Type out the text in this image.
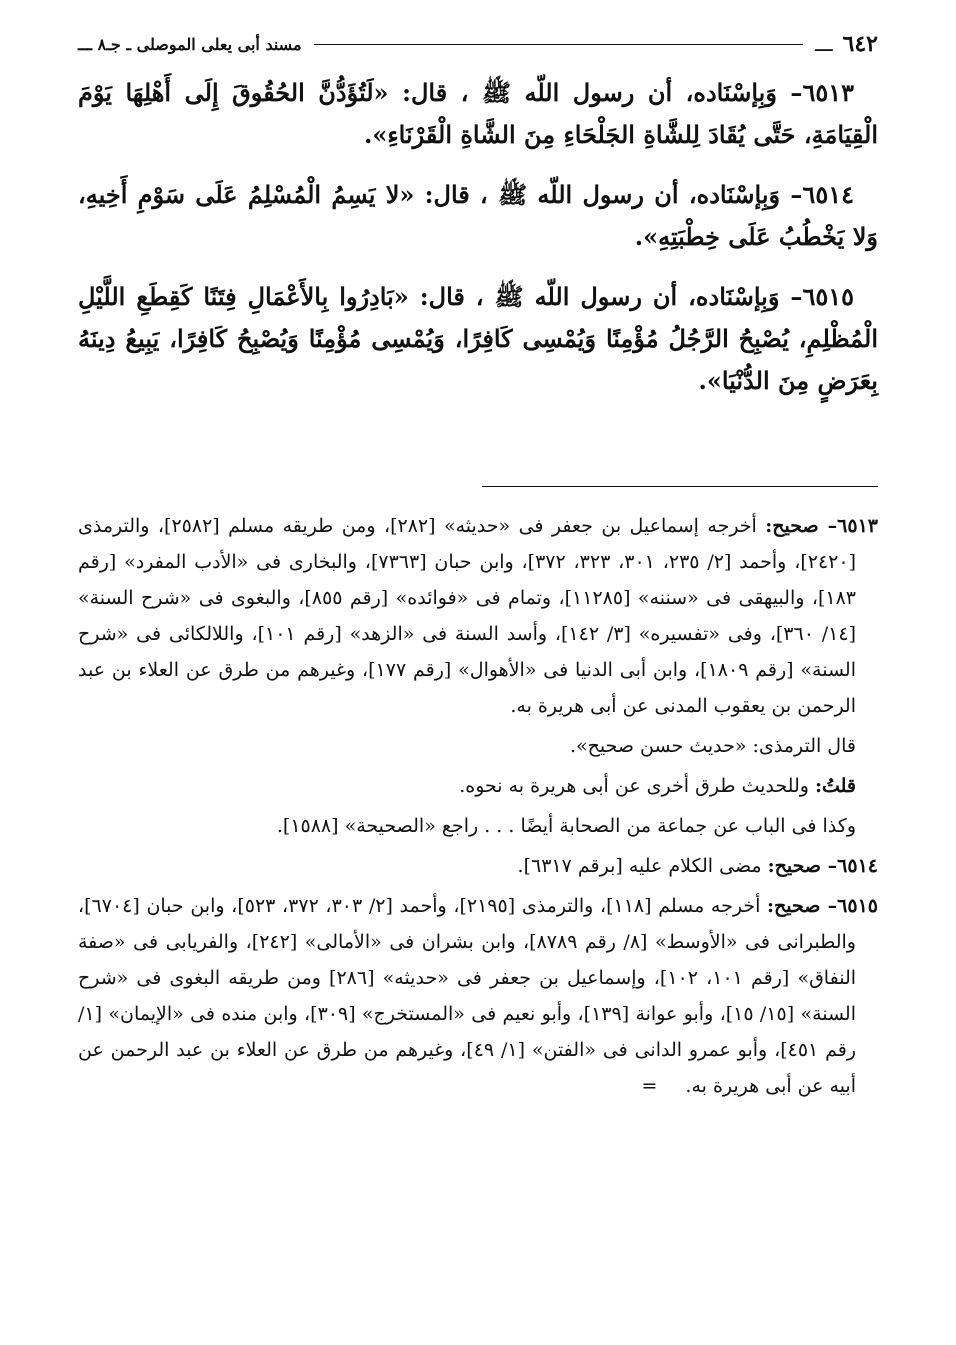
٦٤٢
ـــ
مسند أبى يعلى الموصلى ـ جـ٨ ـــ

٦٥١٣– وَبِإسْنَاده، أن رسول اللّه ﷺ ، قال: «لَتُؤَدُّنَّ الحُقُوقَ إِلَى أَهْلِهَا يَوْمَ الْقِيَامَةِ، حَتَّى يُقَادَ لِلشَّاةِ الجَلْحَاءِ مِنَ الشَّاةِ الْقَرْنَاءِ».

٦٥١٤– وَبِإسْنَاده، أن رسول اللّه ﷺ ، قال: «لا يَسِمُ الْمُسْلِمُ عَلَى سَوْمِ أَخِيهِ، وَلا يَخْطُبُ عَلَى خِطْبَتِهِ».

٦٥١٥– وَبِإسْنَاده، أن رسول اللّه ﷺ ، قال: «بَادِرُوا بِالأَعْمَالِ فِتَنًا كَقِطَعِ اللَّيْلِ الْمُظْلِمِ، يُصْبِحُ الرَّجُلُ مُؤْمِنًا وَيُمْسِى كَافِرًا، وَيُمْسِى مُؤْمِنًا وَيُصْبِحُ كَافِرًا، يَبِيعُ دِينَهُ بِعَرَضٍ مِنَ الدُّنْيَا».

٦٥١٣– صحيح: أخرجه إسماعيل بن جعفر فى «حديثه» [٢٨٢]، ومن طريقه مسلم [٢٥٨٢]، والترمذى [٢٤٢٠]، وأحمد [٢/ ٢٣٥، ٣٠١، ٣٢٣، ٣٧٢]، وابن حبان [٧٣٦٣]، والبخارى فى «الأدب المفرد» [رقم ١٨٣]، والبيهقى فى «سننه» [١١٢٨٥]، وتمام فى «فوائده» [رقم ٨٥٥]، والبغوى فى «شرح السنة» [١٤/ ٣٦٠]، وفى «تفسيره» [٣/ ١٤٢]، وأسد السنة فى «الزهد» [رقم ١٠١]، واللالكائى فى «شرح السنة» [رقم ١٨٠٩]، وابن أبى الدنيا فى «الأهوال» [رقم ١٧٧]، وغيرهم من طرق عن العلاء بن عبد الرحمن بن يعقوب المدنى عن أبى هريرة به.

قال الترمذى: «حديث حسن صحيح».

قلتُ: وللحديث طرق أخرى عن أبى هريرة به نحوه.

وكذا فى الباب عن جماعة من الصحابة أيضًا . . . راجع «الصحيحة» [١٥٨٨].

٦٥١٤– صحيح: مضى الكلام عليه [برقم ٦٣١٧].

٦٥١٥– صحيح: أخرجه مسلم [١١٨]، والترمذى [٢١٩٥]، وأحمد [٢/ ٣٠٣، ٣٧٢، ٥٢٣]، وابن حبان [٦٧٠٤]، والطبرانى فى «الأوسط» [٨/ رقم ٨٧٨٩]، وابن بشران فى «الأمالى» [٢٤٢]، والفريابى فى «صفة النفاق» [رقم ١٠١، ١٠٢]، وإسماعيل بن جعفر فى «حديثه» [٢٨٦] ومن طريقه البغوى فى «شرح السنة» [١٥/ ١٥]، وأبو عوانة [١٣٩]، وأبو نعيم فى «المستخرج» [٣٠٩]، وابن منده فى «الإيمان» [١/ رقم ٤٥١]، وأبو عمرو الدانى فى «الفتن» [١/ ٤٩]، وغيرهم من طرق عن العلاء بن عبد الرحمن عن أبيه عن أبى هريرة به.=
